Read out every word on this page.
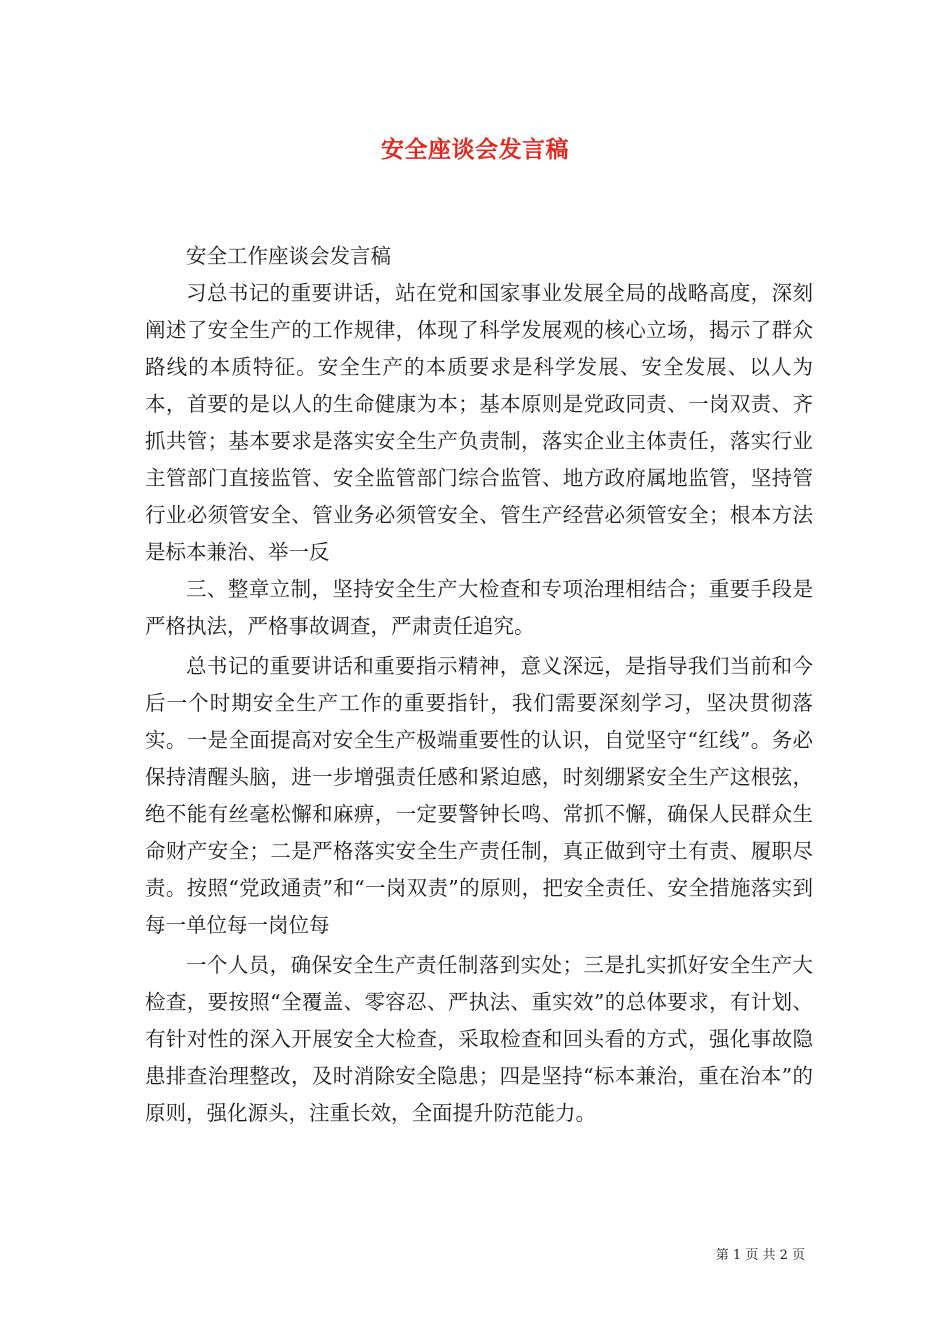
安全座谈会发言稿

安全工作座谈会发言稿

习总书记的重要讲话，站在党和国家事业发展全局的战略高度，深刻阐述了安全生产的工作规律，体现了科学发展观的核心立场，揭示了群众路线的本质特征。安全生产的本质要求是科学发展、安全发展、以人为本，首要的是以人的生命健康为本；基本原则是党政同责、一岗双责、齐抓共管；基本要求是落实安全生产负责制，落实企业主体责任，落实行业主管部门直接监管、安全监管部门综合监管、地方政府属地监管，坚持管行业必须管安全、管业务必须管安全、管生产经营必须管安全；根本方法是标本兼治、举一反

三、整章立制，坚持安全生产大检查和专项治理相结合；重要手段是严格执法，严格事故调查，严肃责任追究。

总书记的重要讲话和重要指示精神，意义深远，是指导我们当前和今后一个时期安全生产工作的重要指针，我们需要深刻学习，坚决贯彻落实。一是全面提高对安全生产极端重要性的认识，自觉坚守“红线”。务必保持清醒头脑，进一步增强责任感和紧迫感，时刻绷紧安全生产这根弦，绝不能有丝毫松懈和麻痹，一定要警钟长鸣、常抓不懈，确保人民群众生命财产安全；二是严格落实安全生产责任制，真正做到守土有责、履职尽责。按照“党政通责”和“一岗双责”的原则，把安全责任、安全措施落实到每一单位每一岗位每

一个人员，确保安全生产责任制落到实处；三是扎实抓好安全生产大检查，要按照“全覆盖、零容忍、严执法、重实效”的总体要求，有计划、有针对性的深入开展安全大检查，采取检查和回头看的方式，强化事故隐患排查治理整改，及时消除安全隐患；四是坚持“标本兼治，重在治本”的原则，强化源头，注重长效，全面提升防范能力。

第 1 页 共 2 页
